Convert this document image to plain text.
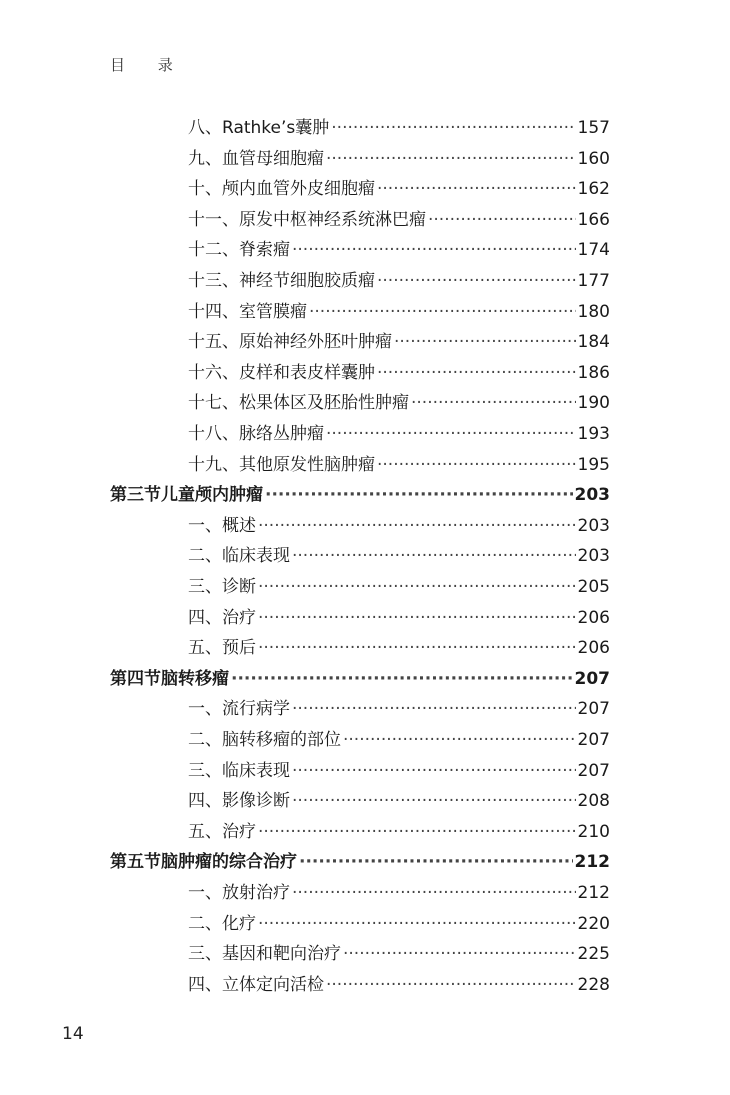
目 录
八、Rathke’s囊肿 ·····	157
九、血管母细胞瘤 ·····	160
十、颅内血管外皮细胞瘤 ·····	162
十一、原发中枢神经系统淋巴瘤 ·····	166
十二、脊索瘤 ·····	174
十三、神经节细胞胶质瘤 ·····	177
十四、室管膜瘤 ·····	180
十五、原始神经外胚叶肿瘤 ·····	184
十六、皮样和表皮样囊肿 ·····	186
十七、松果体区及胚胎性肿瘤 ·····	190
十八、脉络丛肿瘤 ·····	193
十九、其他原发性脑肿瘤 ·····	195
第三节 儿童颅内肿瘤 ·····	203
一、概述 ·····	203
二、临床表现 ·····	203
三、诊断 ·····	205
四、治疗 ·····	206
五、预后 ·····	206
第四节 脑转移瘤 ·····	207
一、流行病学 ·····	207
二、脑转移瘤的部位 ·····	207
三、临床表现 ·····	207
四、影像诊断 ·····	208
五、治疗 ·····	210
第五节 脑肿瘤的综合治疗 ·····	212
一、放射治疗 ·····	212
二、化疗 ·····	220
三、基因和靶向治疗 ·····	225
四、立体定向活检 ·····	228
14
